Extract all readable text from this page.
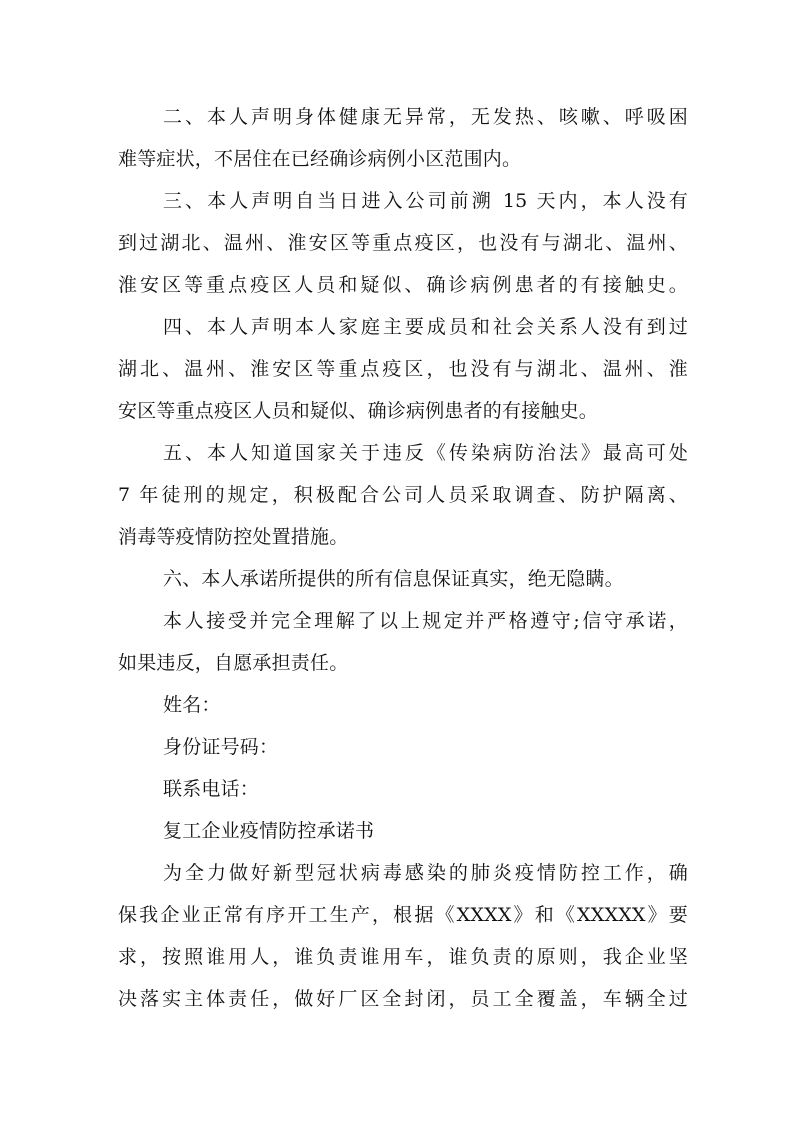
二、本人声明身体健康无异常，无发热、咳嗽、呼吸困
难等症状，不居住在已经确诊病例小区范围内。
三、本人声明自当日进入公司前溯 15 天内，本人没有
到过湖北、温州、淮安区等重点疫区，也没有与湖北、温州、
淮安区等重点疫区人员和疑似、确诊病例患者的有接触史。
四、本人声明本人家庭主要成员和社会关系人没有到过
湖北、温州、淮安区等重点疫区，也没有与湖北、温州、淮
安区等重点疫区人员和疑似、确诊病例患者的有接触史。
五、本人知道国家关于违反《传染病防治法》最高可处
7 年徒刑的规定，积极配合公司人员采取调查、防护隔离、
消毒等疫情防控处置措施。
六、本人承诺所提供的所有信息保证真实，绝无隐瞒。
本人接受并完全理解了以上规定并严格遵守;信守承诺，
如果违反，自愿承担责任。
姓名：
身份证号码：
联系电话：
复工企业疫情防控承诺书
为全力做好新型冠状病毒感染的肺炎疫情防控工作，确
保我企业正常有序开工生产，根据《XXXX》和《XXXXX》要
求，按照谁用人，谁负责谁用车，谁负责的原则，我企业坚
决落实主体责任，做好厂区全封闭，员工全覆盖，车辆全过
